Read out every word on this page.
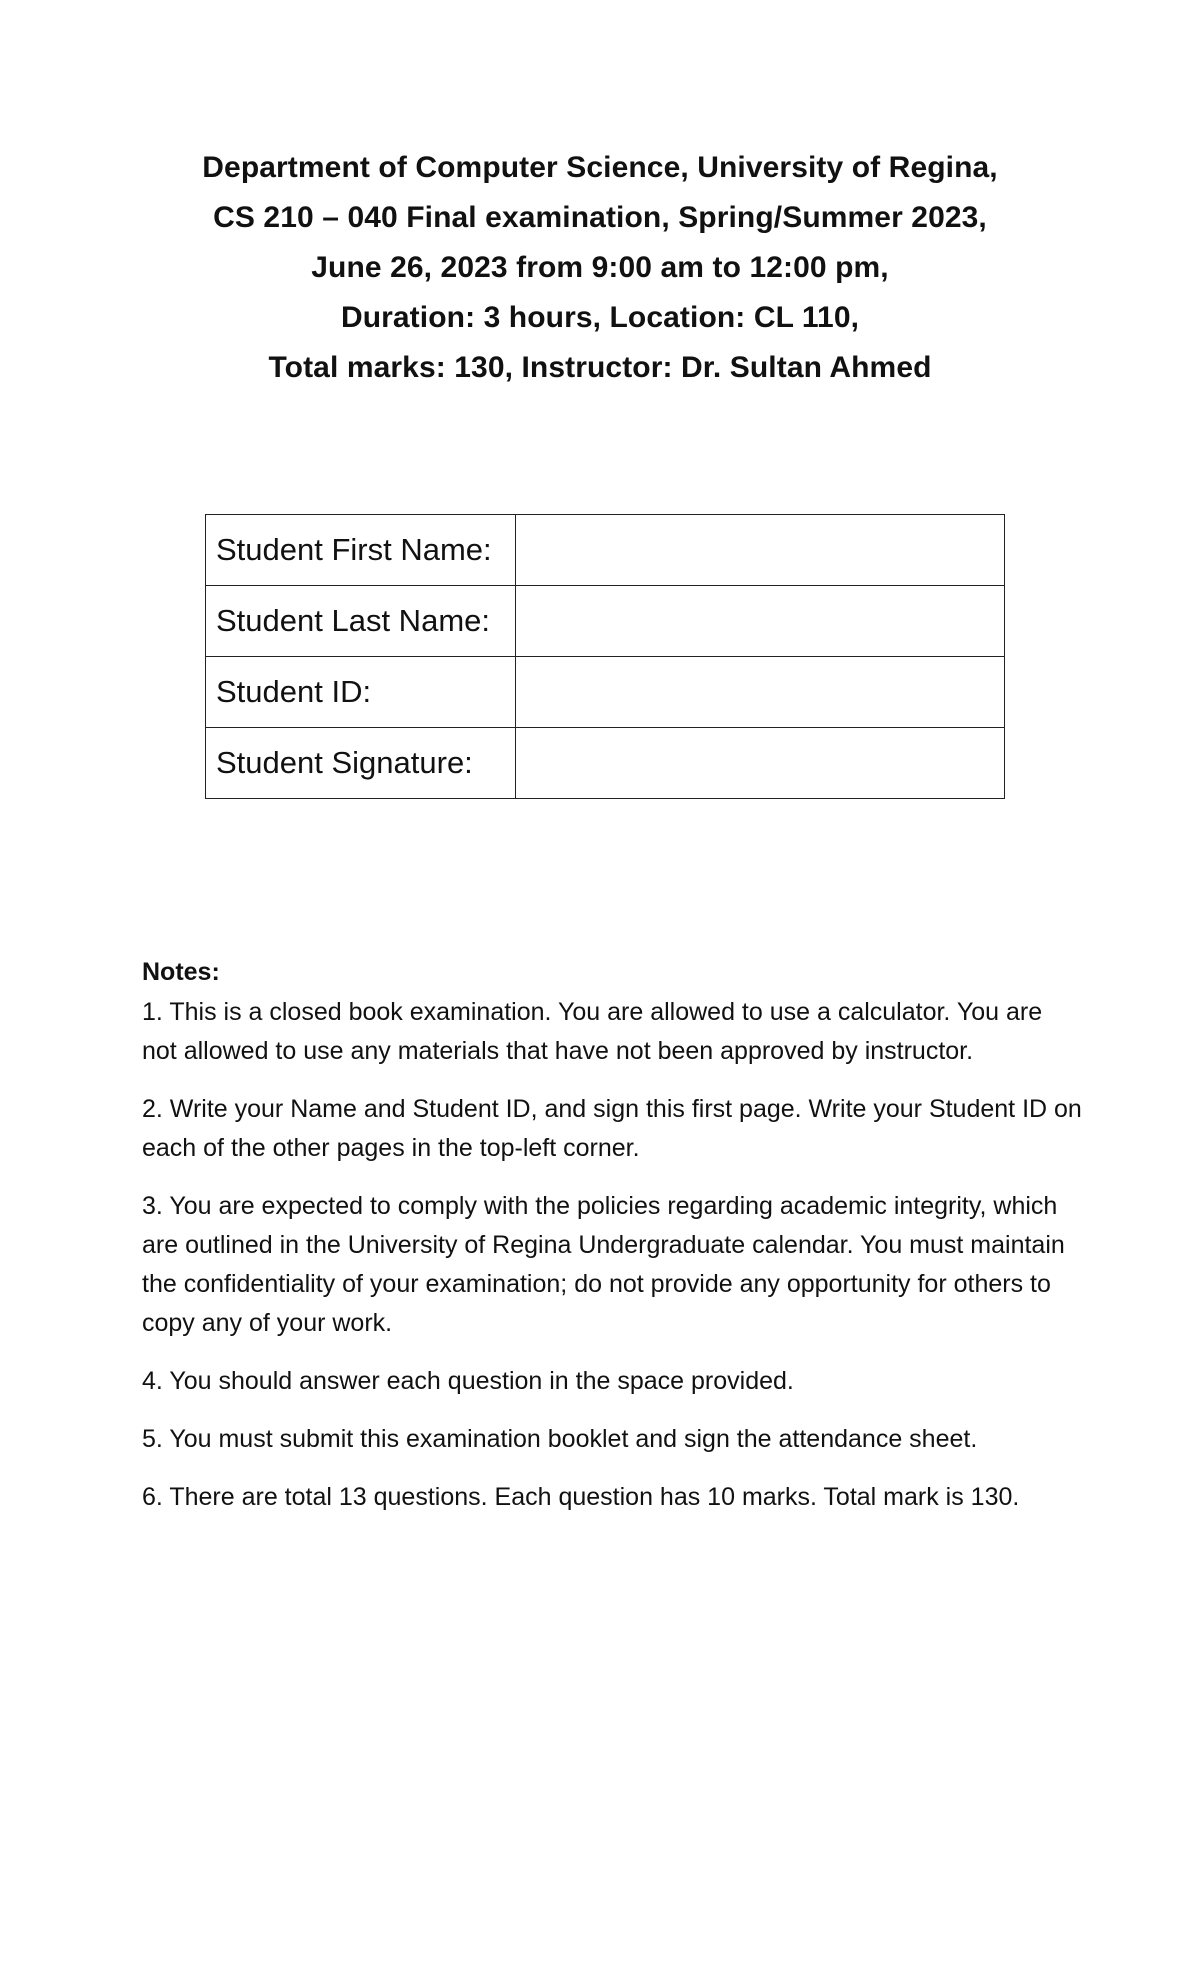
Department of Computer Science, University of Regina,
CS 210 – 040 Final examination, Spring/Summer 2023,
June 26, 2023 from 9:00 am to 12:00 pm,
Duration: 3 hours, Location: CL 110,
Total marks: 130, Instructor: Dr. Sultan Ahmed
Student First Name:	
Student Last Name:	
Student ID:	
Student Signature:	
Notes:

1. This is a closed book examination. You are allowed to use a calculator. You are not allowed to use any materials that have not been approved by instructor.

2. Write your Name and Student ID, and sign this first page. Write your Student ID on each of the other pages in the top-left corner.

3. You are expected to comply with the policies regarding academic integrity, which are outlined in the University of Regina Undergraduate calendar. You must maintain the confidentiality of your examination; do not provide any opportunity for others to copy any of your work.

4. You should answer each question in the space provided.

5. You must submit this examination booklet and sign the attendance sheet.

6. There are total 13 questions. Each question has 10 marks. Total mark is 130.
